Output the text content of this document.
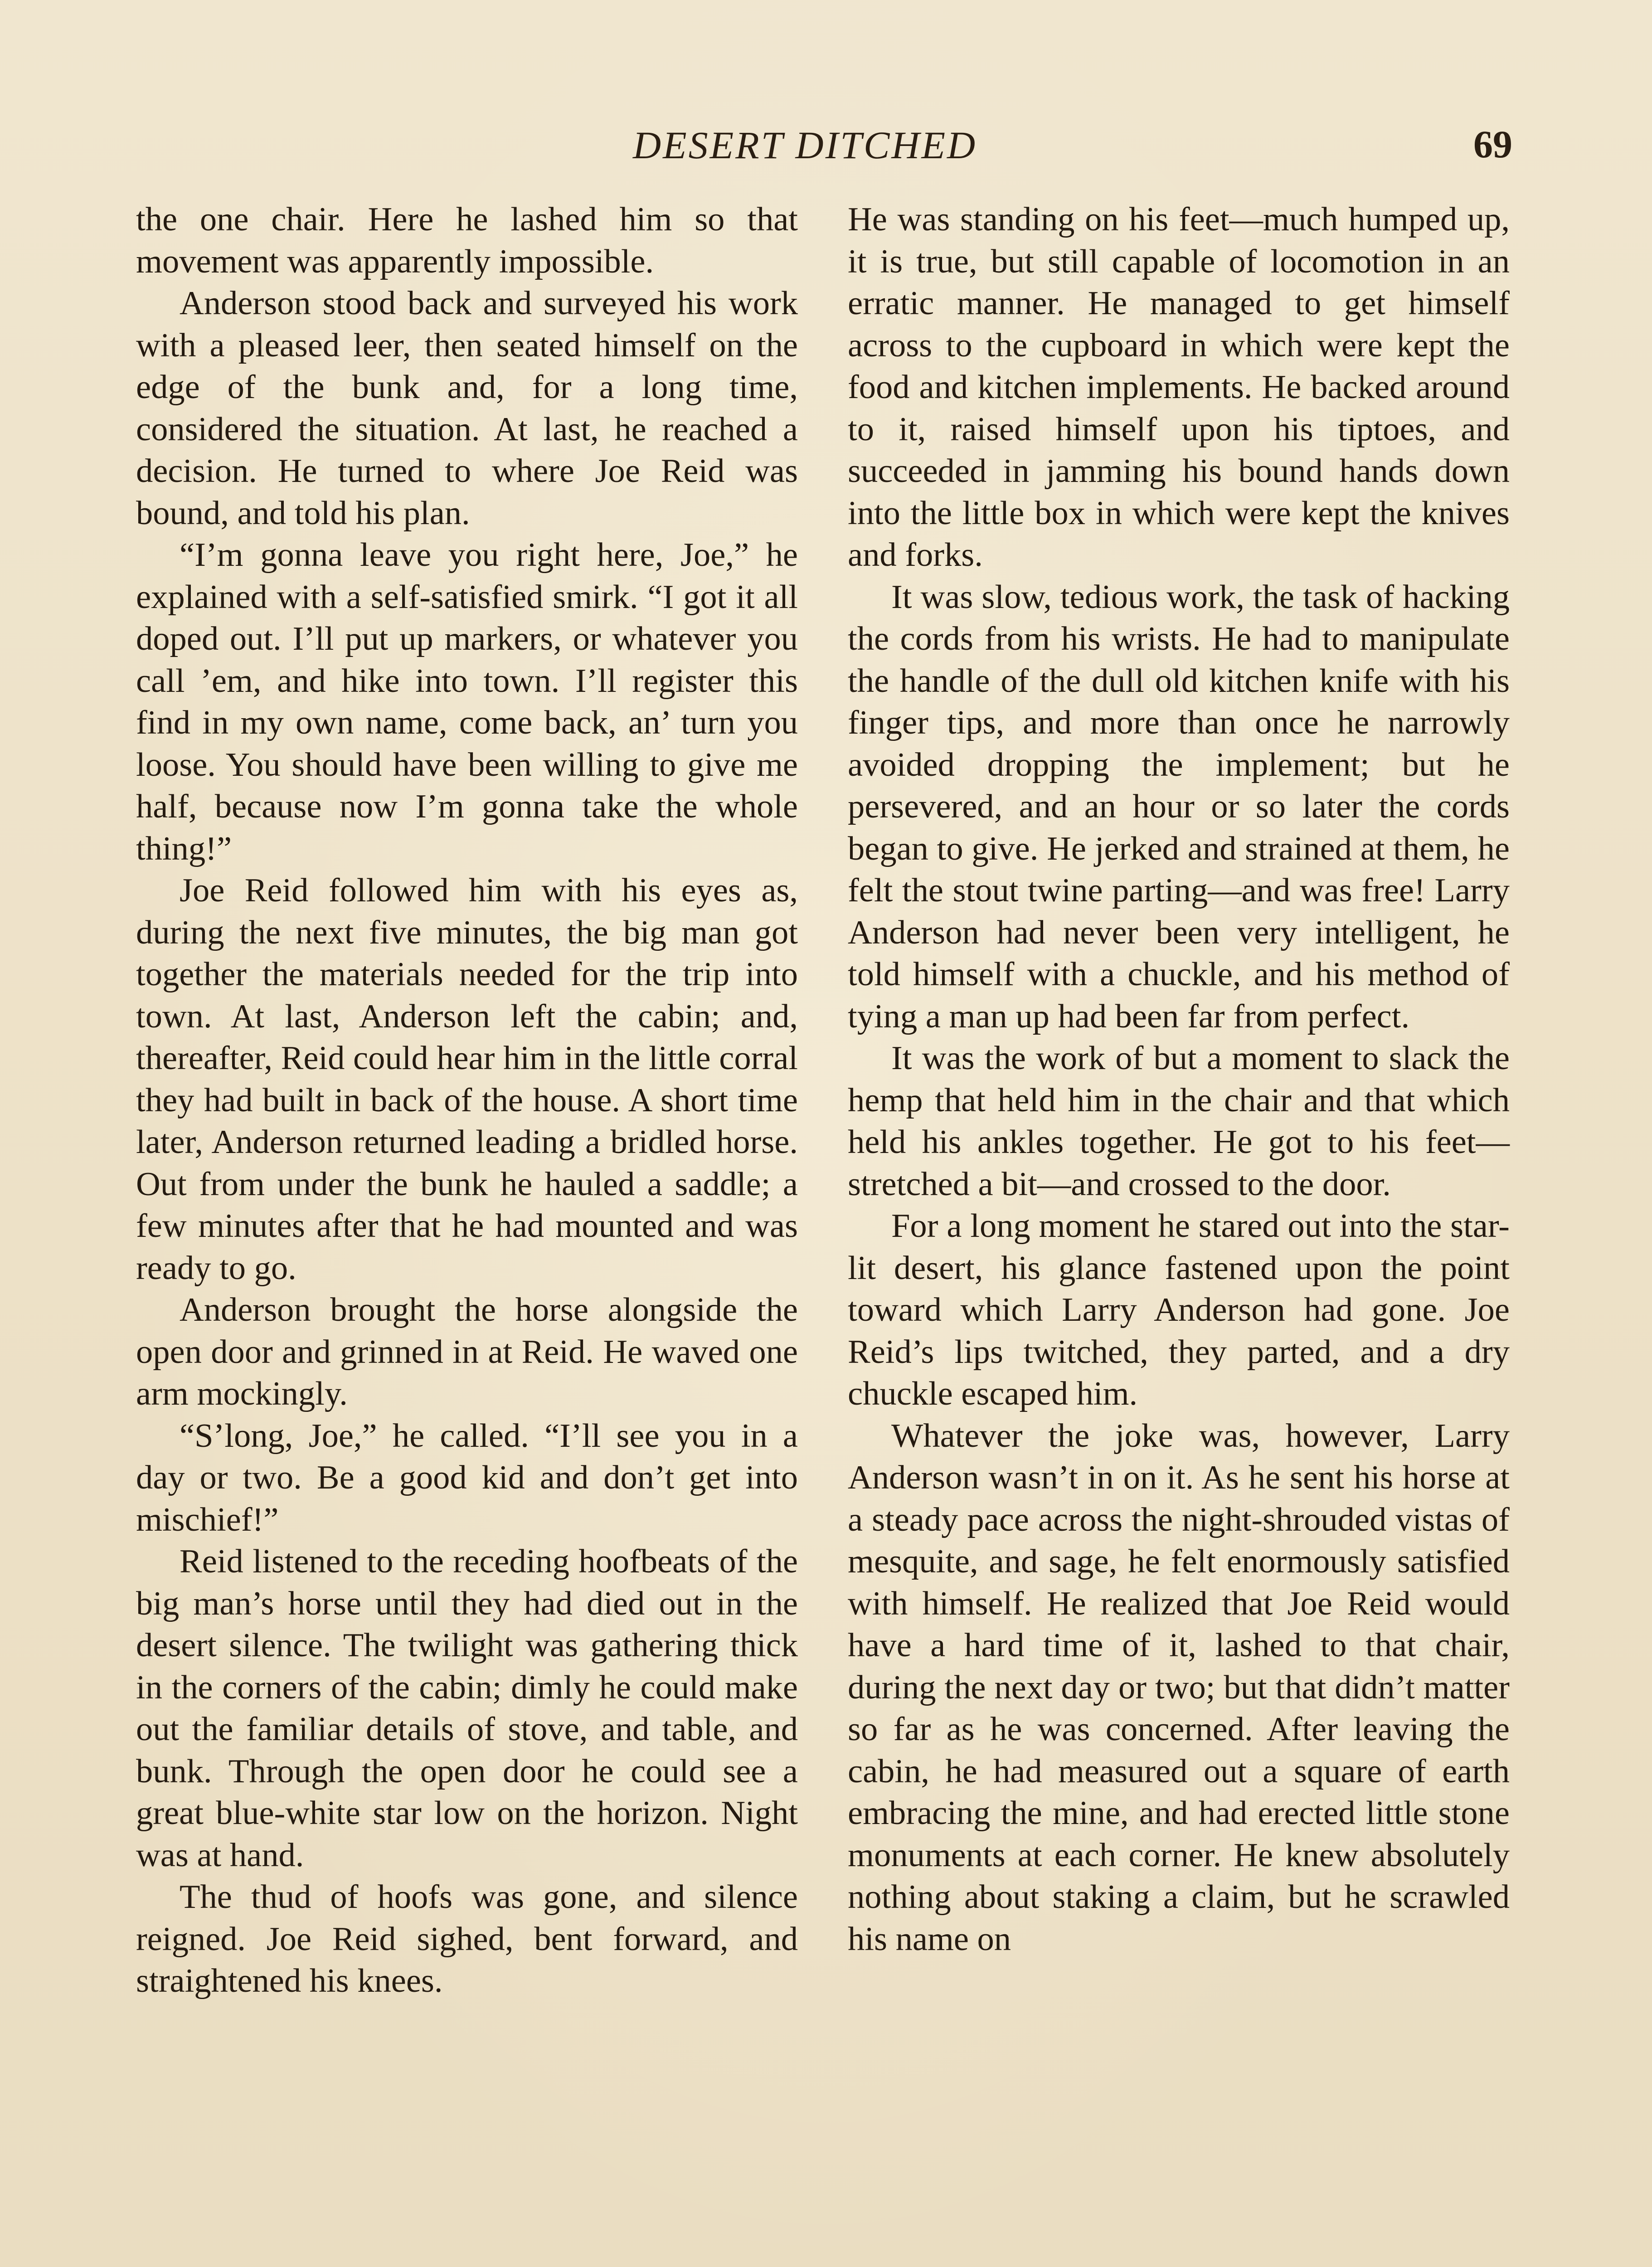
DESERT DITCHED	69

the one chair. Here he lashed him so that movement was apparently impossible.

Anderson stood back and surveyed his work with a pleased leer, then seated himself on the edge of the bunk and, for a long time, considered the situation. At last, he reached a decision. He turned to where Joe Reid was bound, and told his plan.

“I’m gonna leave you right here, Joe,” he explained with a self-satisfied smirk. “I got it all doped out. I’ll put up markers, or whatever you call ’em, and hike into town. I’ll register this find in my own name, come back, an’ turn you loose. You should have been willing to give me half, because now I’m gonna take the whole thing!”

Joe Reid followed him with his eyes as, during the next five minutes, the big man got together the materials needed for the trip into town. At last, Anderson left the cabin; and, thereafter, Reid could hear him in the little corral they had built in back of the house. A short time later, Anderson returned leading a bridled horse. Out from under the bunk he hauled a saddle; a few minutes after that he had mounted and was ready to go.

Anderson brought the horse alongside the open door and grinned in at Reid. He waved one arm mockingly.

“S’long, Joe,” he called. “I’ll see you in a day or two. Be a good kid and don’t get into mischief!”

Reid listened to the receding hoofbeats of the big man’s horse until they had died out in the desert silence. The twilight was gathering thick in the corners of the cabin; dimly he could make out the familiar details of stove, and table, and bunk. Through the open door he could see a great blue-white star low on the horizon. Night was at hand.

The thud of hoofs was gone, and silence reigned. Joe Reid sighed, bent forward, and straightened his knees.

He was standing on his feet—much humped up, it is true, but still capable of locomotion in an erratic manner. He managed to get himself across to the cupboard in which were kept the food and kitchen implements. He backed around to it, raised himself upon his tiptoes, and succeeded in jamming his bound hands down into the little box in which were kept the knives and forks.

It was slow, tedious work, the task of hacking the cords from his wrists. He had to manipulate the handle of the dull old kitchen knife with his finger tips, and more than once he narrowly avoided dropping the implement; but he persevered, and an hour or so later the cords began to give. He jerked and strained at them, he felt the stout twine parting—and was free! Larry Anderson had never been very intelligent, he told himself with a chuckle, and his method of tying a man up had been far from perfect.

It was the work of but a moment to slack the hemp that held him in the chair and that which held his ankles together. He got to his feet—stretched a bit—and crossed to the door.

For a long moment he stared out into the star-lit desert, his glance fastened upon the point toward which Larry Anderson had gone. Joe Reid’s lips twitched, they parted, and a dry chuckle escaped him.

Whatever the joke was, however, Larry Anderson wasn’t in on it. As he sent his horse at a steady pace across the night-shrouded vistas of mesquite, and sage, he felt enormously satisfied with himself. He realized that Joe Reid would have a hard time of it, lashed to that chair, during the next day or two; but that didn’t matter so far as he was concerned. After leaving the cabin, he had measured out a square of earth embracing the mine, and had erected little stone monuments at each corner. He knew absolutely nothing about staking a claim, but he scrawled his name on
